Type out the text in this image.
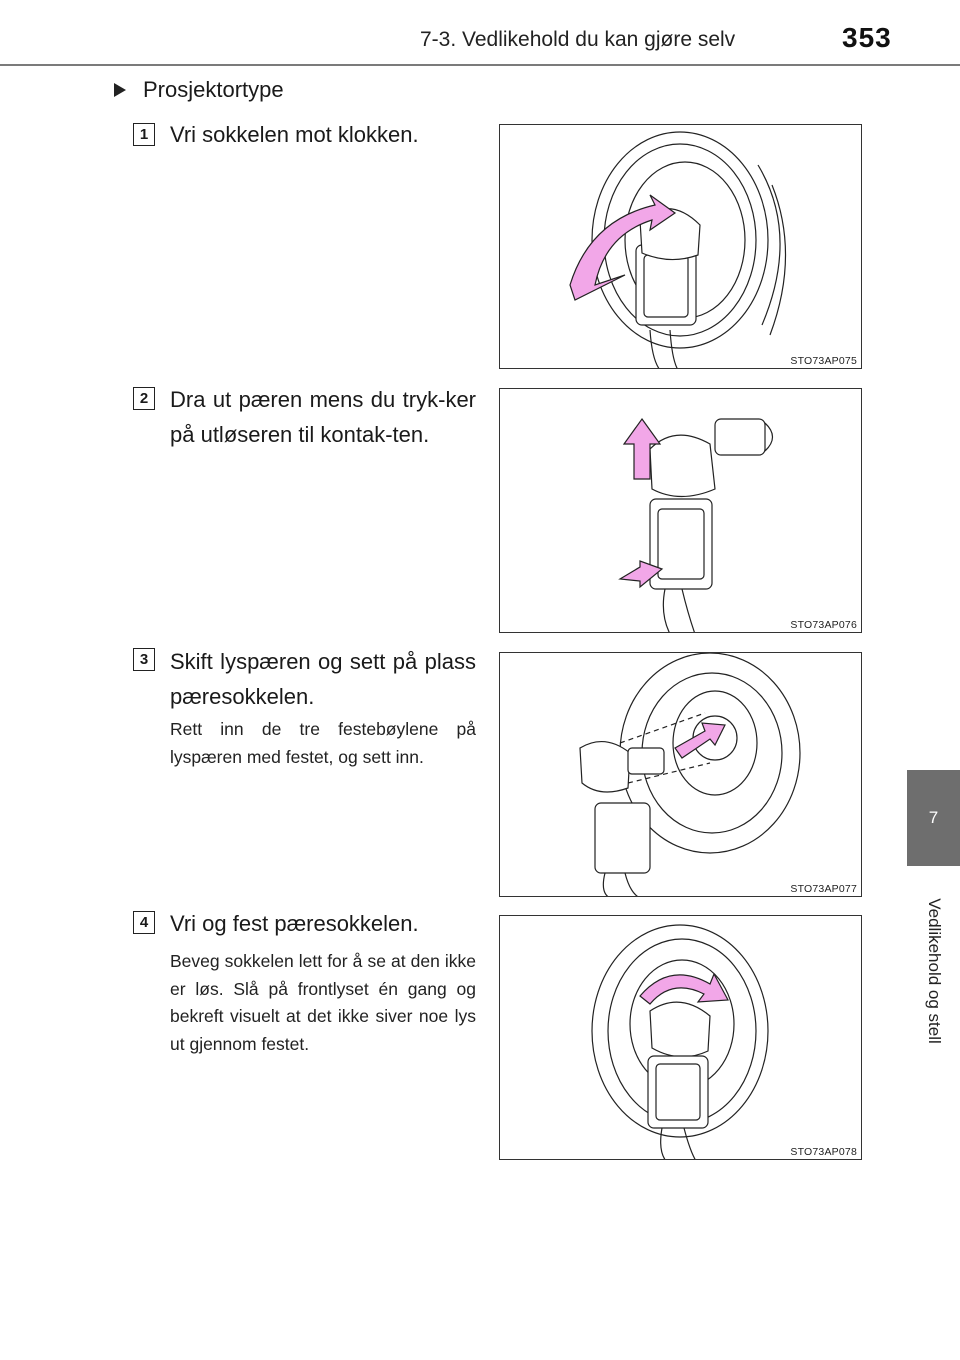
7-3. Vedlikehold du kan gjøre selv	353
7
Vedlikehold og stell
Prosjektortype
1 Vri sokkelen mot klokken.
STO73AP075
2 Dra ut pæren mens du tryk-ker på utløseren til kontak-ten.
STO73AP076
3 Skift lyspæren og sett på plass pæresokkelen.
Rett inn de tre festebøylene på lyspæren med festet, og sett inn.
STO73AP077
4 Vri og fest pæresokkelen.
Beveg sokkelen lett for å se at den ikke er løs. Slå på frontlyset én gang og bekreft visuelt at det ikke siver noe lys ut gjennom festet.
STO73AP078
